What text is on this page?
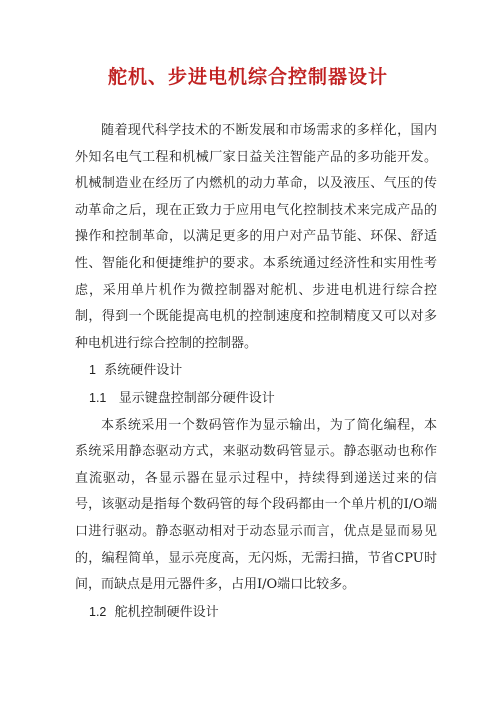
舵机、步进电机综合控制器设计

随着现代科学技术的不断发展和市场需求的多样化，国内外知名电气工程和机械厂家日益关注智能产品的多功能开发。机械制造业在经历了内燃机的动力革命，以及液压、气压的传动革命之后，现在正致力于应用电气化控制技术来完成产品的操作和控制革命，以满足更多的用户对产品节能、环保、舒适性、智能化和便捷维护的要求。本系统通过经济性和实用性考虑，采用单片机作为微控制器对舵机、步进电机进行综合控制，得到一个既能提高电机的控制速度和控制精度又可以对多种电机进行综合控制的控制器。

1 系统硬件设计

1.1 显示键盘控制部分硬件设计

本系统采用一个数码管作为显示输出，为了简化编程，本系统采用静态驱动方式，来驱动数码管显示。静态驱动也称作直流驱动，各显示器在显示过程中，持续得到递送过来的信号，该驱动是指每个数码管的每个段码都由一个单片机的I/O端口进行驱动。静态驱动相对于动态显示而言，优点是显而易见的，编程简单，显示亮度高，无闪烁，无需扫描，节省CPU时间，而缺点是用元器件多，占用I/O端口比较多。

1.2 舵机控制硬件设计
